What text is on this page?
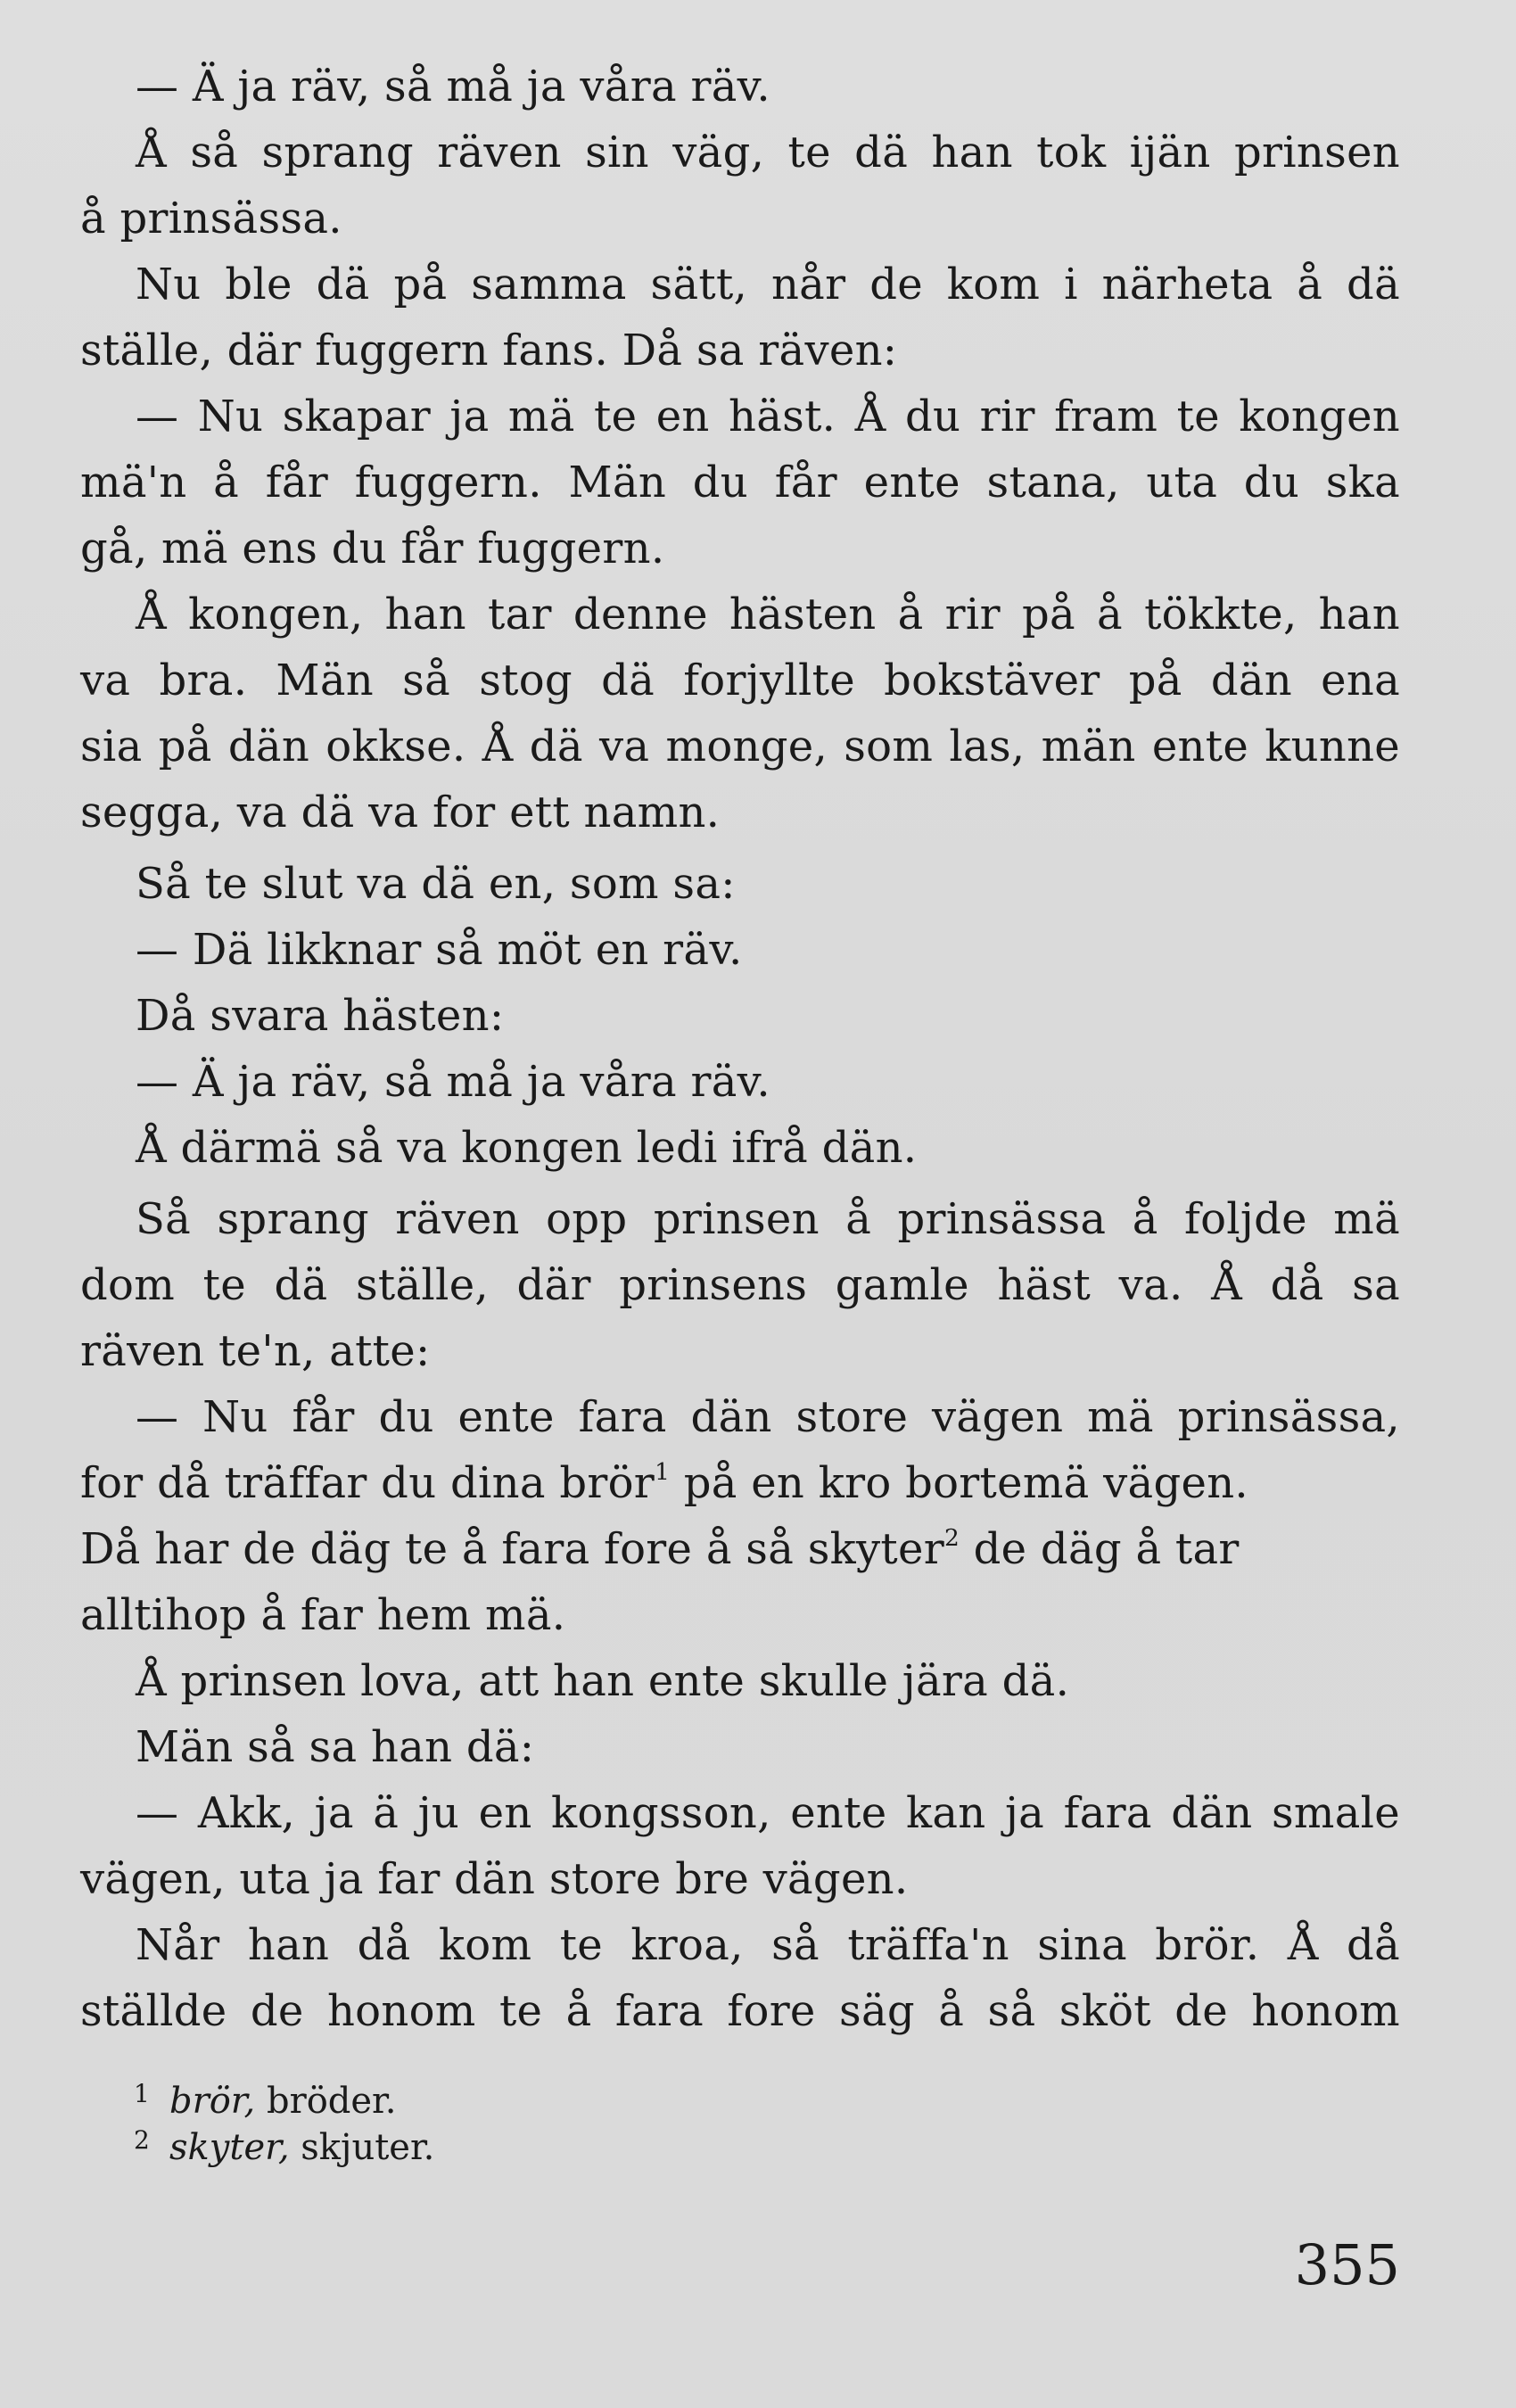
— Ä ja räv, så må ja våra räv.
Å så sprang räven sin väg, te dä han tok ijän prinsen
å prinsässa.
Nu ble dä på samma sätt, når de kom i närheta å dä
ställe, där fuggern fans. Då sa räven:
— Nu skapar ja mä te en häst. Å du rir fram te kongen
mä'n å får fuggern. Män du får ente stana, uta du ska
gå, mä ens du får fuggern.
Å kongen, han tar denne hästen å rir på å tökkte, han
va bra. Män så stog dä forjyllte bokstäver på dän ena
sia på dän okkse. Å dä va monge, som las, män ente kunne
segga, va dä va for ett namn.
Så te slut va dä en, som sa:
— Dä likknar så möt en räv.
Då svara hästen:
— Ä ja räv, så må ja våra räv.
Å därmä så va kongen ledi ifrå dän.
Så sprang räven opp prinsen å prinsässa å foljde mä
dom te dä ställe, där prinsens gamle häst va. Å då sa
räven te'n, atte:
— Nu får du ente fara dän store vägen mä prinsässa,
for då träffar du dina brör$^1$ på en kro bortemä vägen.
Då har de däg te å fara fore å så skyter$^2$ de däg å tar
alltihop å far hem mä.
Å prinsen lova, att han ente skulle jära dä.
Män så sa han dä:
— Akk, ja ä ju en kongsson, ente kan ja fara dän smale
vägen, uta ja far dän store bre vägen.
Når han då kom te kroa, så träffa'n sina brör. Å då
ställde de honom te å fara fore säg å så sköt de honom
1 brör, bröder.
2 skyter, skjuter.
355
